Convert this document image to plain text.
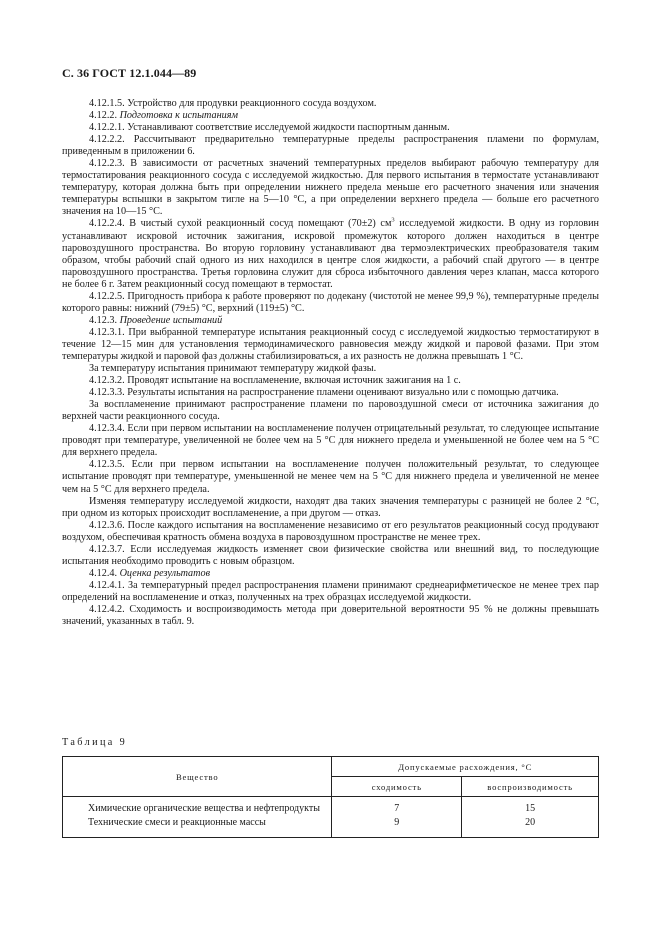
С. 36 ГОСТ 12.1.044—89

4.12.1.5. Устройство для продувки реакционного сосуда воздухом.

4.12.2. Подготовка к испытаниям

4.12.2.1. Устанавливают соответствие исследуемой жидкости паспортным данным.

4.12.2.2. Рассчитывают предварительно температурные пределы распространения пламени по формулам, приведенным в приложении 6.

4.12.2.3. В зависимости от расчетных значений температурных пределов выбирают рабочую температуру для термостатирования реакционного сосуда с исследуемой жидкостью. Для первого испытания в термостате устанавливают температуру, которая должна быть при определении нижнего предела меньше его расчетного значения или значения температуры вспышки в закрытом тигле на 5—10 °С, а при определении верхнего предела — больше его расчетного значения на 10—15 °С.

4.12.2.4. В чистый сухой реакционный сосуд помещают (70±2) $см^3$ исследуемой жидкости. В одну из горловин устанавливают искровой источник зажигания, искровой промежуток которого должен находиться в центре паровоздушного пространства. Во вторую горловину устанавливают два термоэлектрических преобразователя таким образом, чтобы рабочий спай одного из них находился в центре слоя жидкости, а рабочий спай другого — в центре паровоздушного пространства. Третья горловина служит для сброса избыточного давления через клапан, масса которого не более 6 г. Затем реакционный сосуд помещают в термостат.

4.12.2.5. Пригодность прибора к работе проверяют по додекану (чистотой не менее 99,9 %), температурные пределы которого равны: нижний (79±5) °С, верхний (119±5) °С.

4.12.3. Проведение испытаний

4.12.3.1. При выбранной температуре испытания реакционный сосуд с исследуемой жидкостью термостатируют в течение 12—15 мин для установления термодинамического равновесия между жидкой и паровой фазами. При этом температуры жидкой и паровой фаз должны стабилизироваться, а их разность не должна превышать 1 °С.

За температуру испытания принимают температуру жидкой фазы.

4.12.3.2. Проводят испытание на воспламенение, включая источник зажигания на 1 с.

4.12.3.3. Результаты испытания на распространение пламени оценивают визуально или с помощью датчика.

За воспламенение принимают распространение пламени по паровоздушной смеси от источника зажигания до верхней части реакционного сосуда.

4.12.3.4. Если при первом испытании на воспламенение получен отрицательный результат, то следующее испытание проводят при температуре, увеличенной не более чем на 5 °С для нижнего предела и уменьшенной не более чем на 5 °С для верхнего предела.

4.12.3.5. Если при первом испытании на воспламенение получен положительный результат, то следующее испытание проводят при температуре, уменьшенной не менее чем на 5 °С для нижнего предела и увеличенной не менее чем на 5 °С для верхнего предела.

Изменяя температуру исследуемой жидкости, находят два таких значения температуры с разницей не более 2 °С, при одном из которых происходит воспламенение, а при другом — отказ.

4.12.3.6. После каждого испытания на воспламенение независимо от его результатов реакционный сосуд продувают воздухом, обеспечивая кратность обмена воздуха в паровоздушном пространстве не менее трех.

4.12.3.7. Если исследуемая жидкость изменяет свои физические свойства или внешний вид, то последующие испытания необходимо проводить с новым образцом.

4.12.4. Оценка результатов

4.12.4.1. За температурный предел распространения пламени принимают среднеарифметическое не менее трех пар определений на воспламенение и отказ, полученных на трех образцах исследуемой жидкости.

4.12.4.2. Сходимость и воспроизводимость метода при доверительной вероятности 95 % не должны превышать значений, указанных в табл. 9.

Таблица 9
Вещество	Допускаемые расхождения, °С	
	сходимость	воспроизводимость
Химические органические вещества и нефтепродукты	7	15
Технические смеси и реакционные массы	9	20
